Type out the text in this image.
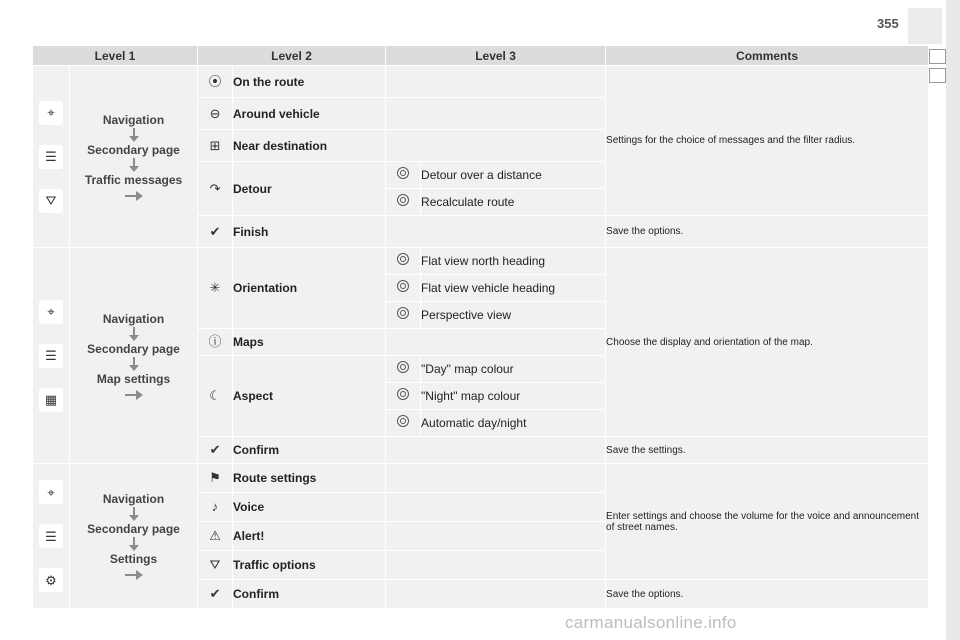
355
Level 1		Level 2		Level 3		Comments

⌖
☰
⛛	Navigation
Secondary page
Traffic messages	⦿	On the route			Settings for the choice of messages and the filter radius.
		⊖	Around vehicle			
		⊞	Near destination			
		↷	Detour		Detour over a distance	
					Recalculate route	
		✔	Finish			Save the options.

⌖
☰
▦	Navigation
Secondary page
Map settings	✳	Orientation		Flat view north heading	Choose the display and orientation of the map.
					Flat view vehicle heading	
					Perspective view	
		ⓘ	Maps			
		☾	Aspect		"Day" map colour	
					"Night" map colour	
					Automatic day/night	
		✔	Confirm			Save the settings.

⌖
☰
⚙	Navigation
Secondary page
Settings	⚑	Route settings			Enter settings and choose the volume for the voice and announcement of street names.
		♪	Voice			
		⚠	Alert!			
		⛛	Traffic options			
		✔	Confirm			Save the options.
carmanualsonline.info
